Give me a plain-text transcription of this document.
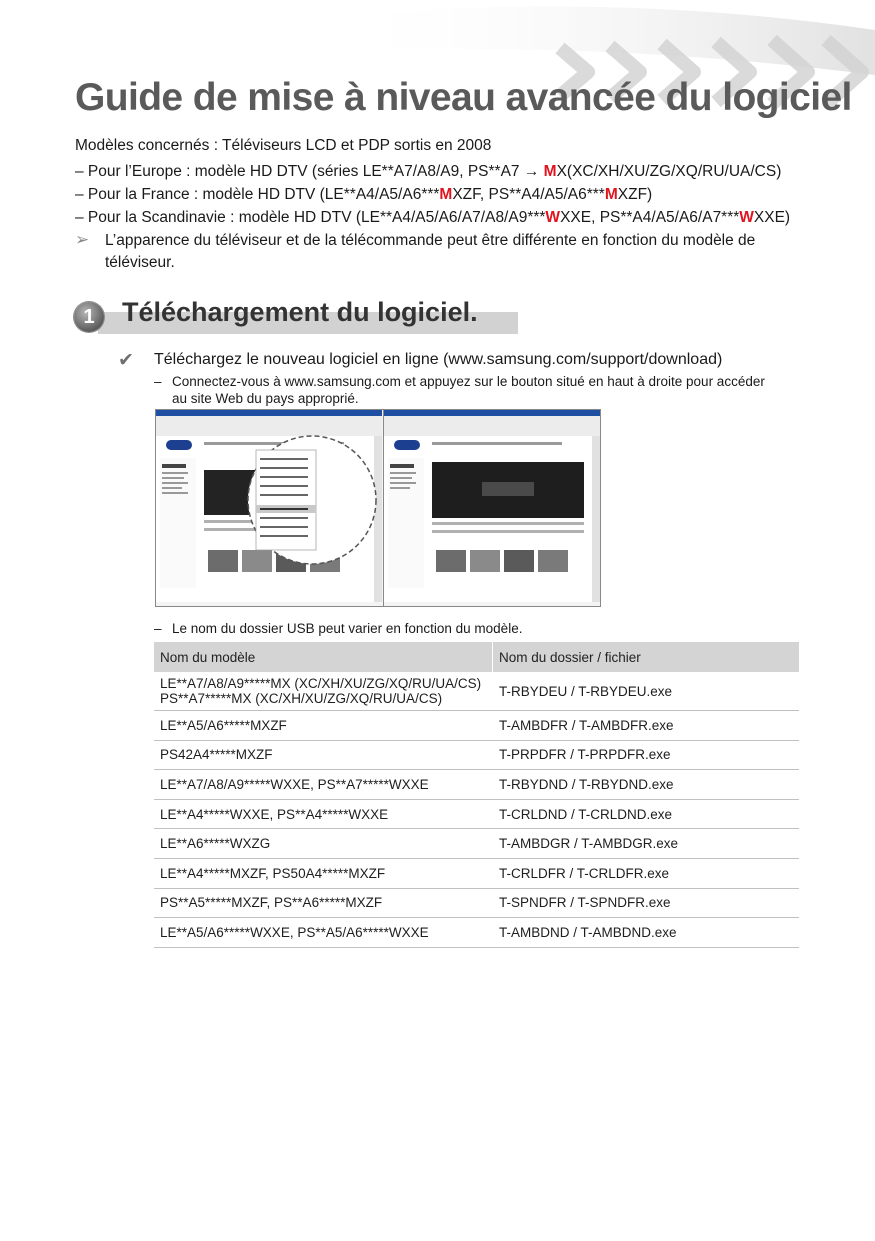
Guide de mise à niveau avancée du logiciel
Modèles concernés : Téléviseurs LCD et PDP sortis en 2008
– Pour l’Europe : modèle HD DTV (séries LE**A7/A8/A9, PS**A7 → MX(XC/XH/XU/ZG/XQ/RU/UA/CS)
– Pour la France : modèle HD DTV (LE**A4/A5/A6***MXZF, PS**A4/A5/A6***MXZF)
– Pour la Scandinavie : modèle HD DTV (LE**A4/A5/A6/A7/A8/A9***WXXE, PS**A4/A5/A6/A7***WXXE)
➢ L’apparence du téléviseur et de la télécommande peut être différente en fonction du modèle de téléviseur.
1	Téléchargement du logiciel.
✔ Téléchargez le nouveau logiciel en ligne (www.samsung.com/support/download)
– Connectez-vous à www.samsung.com et appuyez sur le bouton situé en haut à droite pour accéder au site Web du pays approprié.
– Le nom du dossier USB peut varier en fonction du modèle.
Nom du modèle	Nom du dossier / fichier

LE**A7/A8/A9*****MX (XC/XH/XU/ZG/XQ/RU/UA/CS)
PS**A7*****MX (XC/XH/XU/ZG/XQ/RU/UA/CS)	T-RBYDEU / T-RBYDEU.exe
LE**A5/A6*****MXZF	T-AMBDFR / T-AMBDFR.exe
PS42A4*****MXZF	T-PRPDFR / T-PRPDFR.exe
LE**A7/A8/A9*****WXXE, PS**A7*****WXXE	T-RBYDND / T-RBYDND.exe
LE**A4*****WXXE, PS**A4*****WXXE	T-CRLDND / T-CRLDND.exe
LE**A6*****WXZG	T-AMBDGR / T-AMBDGR.exe
LE**A4*****MXZF, PS50A4*****MXZF	T-CRLDFR / T-CRLDFR.exe
PS**A5*****MXZF, PS**A6*****MXZF	T-SPNDFR / T-SPNDFR.exe
LE**A5/A6*****WXXE, PS**A5/A6*****WXXE	T-AMBDND / T-AMBDND.exe
